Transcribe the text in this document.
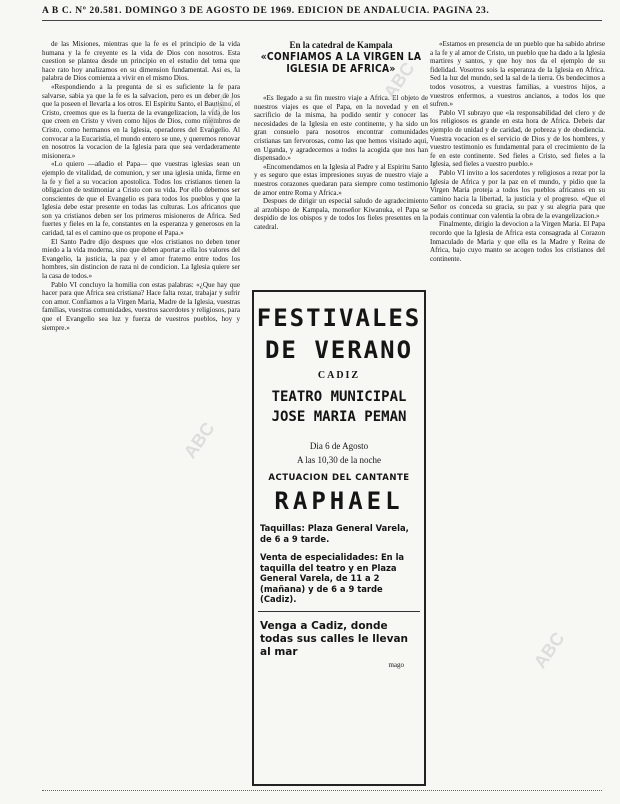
A B C. Nº 20.581. DOMINGO 3 DE AGOSTO DE 1969. EDICION DE ANDALUCIA. PAGINA 23.

de las Misiones, mientras que la fe es el principio de la vida humana y la fe creyente es la vida de Dios con nosotros. Esta cuestion se plantea desde un principio en el estudio del tema que hace rato hoy analizamos en su dimension fundamental. Asi es, la palabra de Dios comienza a vivir en el mismo Dios.

«Respondiendo a la pregunta de si es suficiente la fe para salvarse, sabia ya que la fe es la salvacion, pero es un deber de los que la poseen el llevarla a los otros. El Espiritu Santo, el Bautismo, el Cristo, creemos que es la fuerza de la evangelizacion, la vida de los que creen en Cristo y viven como hijos de Dios, como miembros de Cristo, como hermanos en la Iglesia, operadores del Evangelio. Al convocar a la Eucaristia, el mundo entero se une, y queremos renovar en nosotros la vocacion de la Iglesia para que sea verdaderamente misionera.»

«Lo quiero —añadio el Papa— que vuestras iglesias sean un ejemplo de vitalidad, de comunion, y ser una iglesia unida, firme en la fe y fiel a su vocacion apostolica. Todos los cristianos tienen la obligacion de testimoniar a Cristo con su vida. Por ello debemos ser conscientes de que el Evangelio es para todos los pueblos y que la Iglesia debe estar presente en todas las culturas. Los africanos que son ya cristianos deben ser los primeros misioneros de Africa. Sed fuertes y fieles en la fe, constantes en la esperanza y generosos en la caridad, tal es el camino que os propone el Papa.»

El Santo Padre dijo despues que «los cristianos no deben tener miedo a la vida moderna, sino que deben aportar a ella los valores del Evangelio, la justicia, la paz y el amor fraterno entre todos los hombres, sin distincion de raza ni de condicion. La Iglesia quiere ser la casa de todos.»

Pablo VI concluyo la homilia con estas palabras: «¿Que hay que hacer para que Africa sea cristiana? Hace falta rezar, trabajar y sufrir con amor. Confiamos a la Virgen Maria, Madre de la Iglesia, vuestras familias, vuestras comunidades, vuestros sacerdotes y religiosos, para que el Evangelio sea luz y fuerza de vuestros pueblos, hoy y siempre.»

En la catedral de Kampala
«CONFIAMOS A LA VIRGEN LA IGLESIA DE AFRICA»

«Es llegado a su fin nuestro viaje a Africa. El objeto de nuestros viajes es que el Papa, en la novedad y en el sacrificio de la misma, ha podido sentir y conocer las necesidades de la Iglesia en este continente, y ha sido un gran consuelo para nosotros encontrar comunidades cristianas tan fervorosas, como las que hemos visitado aqui, en Uganda, y agradecemos a todos la acogida que nos han dispensado.»

«Encomendamos en la Iglesia al Padre y al Espiritu Santo y es seguro que estas impresiones suyas de nuestro viaje a nuestros corazones quedaran para siempre como testimonio de amor entre Roma y Africa.»

Despues de dirigir un especial saludo de agradecimiento al arzobispo de Kampala, monseñor Kiwanuka, el Papa se despidio de los obispos y de todos los fieles presentes en la catedral.

FESTIVALES
DE VERANO
CADIZ
TEATRO MUNICIPAL
JOSE MARIA PEMAN
Dia 6 de Agosto
A las 10,30 de la noche
ACTUACION DEL CANTANTE
RAPHAEL
Taquillas: Plaza General Varela, de 6 a 9 tarde.
Venta de especialidades: En la taquilla del teatro y en Plaza General Varela, de 11 a 2 (mañana) y de 6 a 9 tarde (Cadiz).
Venga a Cadiz, donde todas sus calles le llevan al mar
mago

«Estamos en presencia de un pueblo que ha sabido abrirse a la fe y al amor de Cristo, un pueblo que ha dado a la Iglesia martires y santos, y que hoy nos da el ejemplo de su fidelidad. Vosotros sois la esperanza de la Iglesia en Africa. Sed la luz del mundo, sed la sal de la tierra. Os bendecimos a todos vosotros, a vuestras familias, a vuestros hijos, a vuestros enfermos, a vuestros ancianos, a todos los que sufren.»

Pablo VI subrayo que «la responsabilidad del clero y de los religiosos es grande en esta hora de Africa. Debeis dar ejemplo de unidad y de caridad, de pobreza y de obediencia. Vuestra vocacion es el servicio de Dios y de los hombres, y vuestro testimonio es fundamental para el crecimiento de la fe en este continente. Sed fieles a Cristo, sed fieles a la Iglesia, sed fieles a vuestro pueblo.»

Pablo VI invito a los sacerdotes y religiosos a rezar por la Iglesia de Africa y por la paz en el mundo, y pidio que la Virgen Maria proteja a todos los pueblos africanos en su camino hacia la libertad, la justicia y el progreso. «Que el Señor os conceda su gracia, su paz y su alegria para que podais continuar con valentia la obra de la evangelizacion.»

Finalmente, dirigio la devocion a la Virgen Maria. El Papa recordo que la Iglesia de Africa esta consagrada al Corazon Inmaculado de Maria y que ella es la Madre y Reina de Africa, bajo cuyo manto se acogen todos los cristianos del continente.

ABC
ABC
ABC
ABC
